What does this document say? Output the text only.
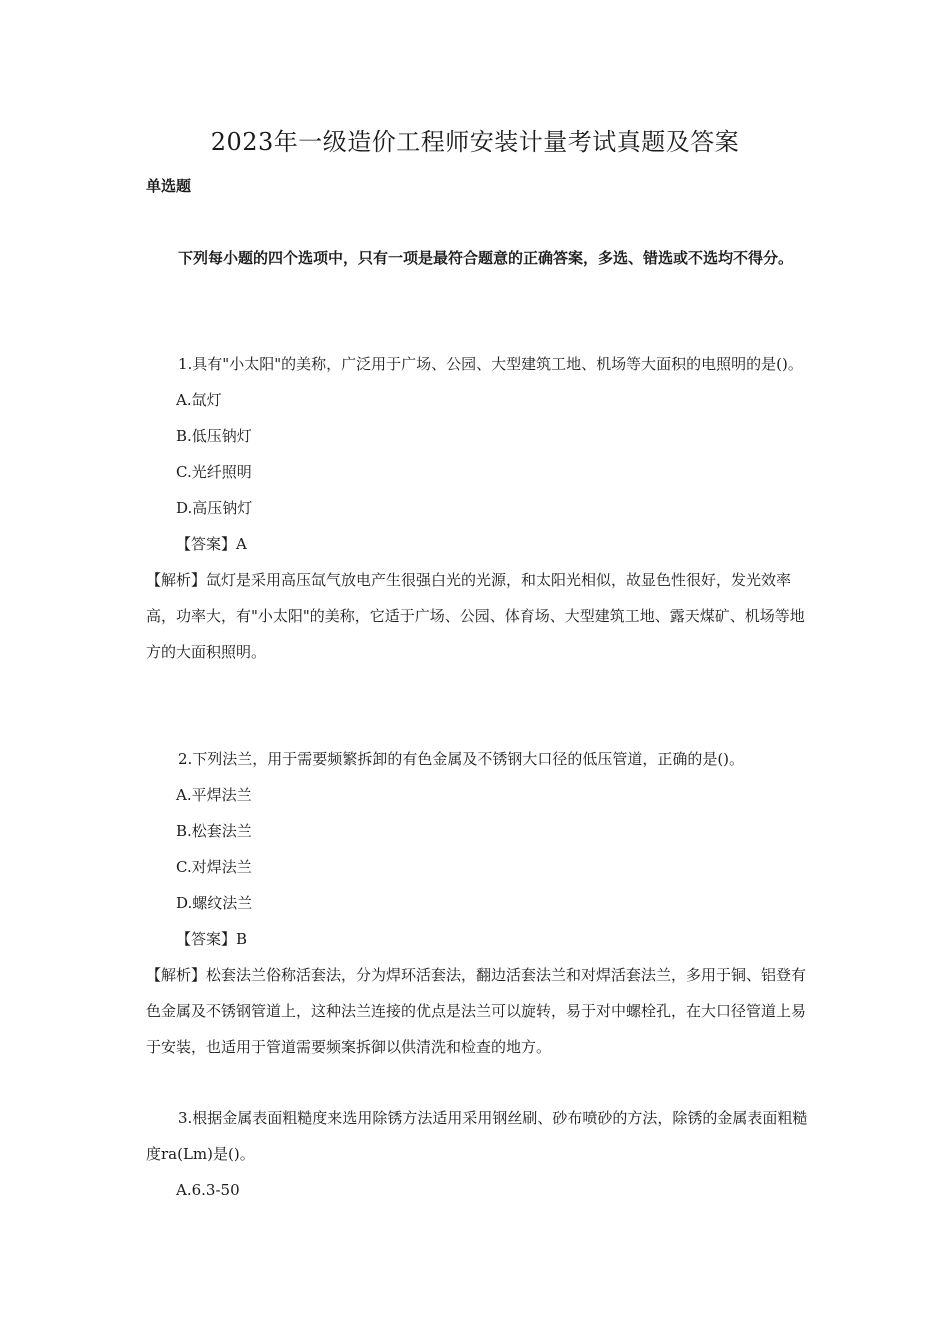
2023年一级造价工程师安装计量考试真题及答案
单选题

下列每小题的四个选项中，只有一项是最符合题意的正确答案，多选、错选或不选均不得分。

1.具有"小太阳"的美称，广泛用于广场、公园、大型建筑工地、机场等大面积的电照明的是()。

A.氙灯

B.低压钠灯

C.光纤照明

D.高压钠灯

【答案】A

【解析】氙灯是采用高压氙气放电产生很强白光的光源，和太阳光相似，故显色性很好，发光效率高，功率大，有"小太阳"的美称，它适于广场、公园、体育场、大型建筑工地、露天煤矿、机场等地方的大面积照明。

2.下列法兰，用于需要频繁拆卸的有色金属及不锈钢大口径的低压管道，正确的是()。

A.平焊法兰

B.松套法兰

C.对焊法兰

D.螺纹法兰

【答案】B

【解析】松套法兰俗称活套法，分为焊环活套法，翻边活套法兰和对焊活套法兰，多用于铜、铝登有色金属及不锈钢管道上，这种法兰连接的优点是法兰可以旋转，易于对中螺栓孔，在大口径管道上易于安装，也适用于管道需要频案拆御以供清洗和检查的地方。

3.根据金属表面粗糙度来选用除锈方法适用采用钢丝刷、砂布喷砂的方法，除锈的金属表面粗糙度ra(Lm)是()。

A.6.3-50
